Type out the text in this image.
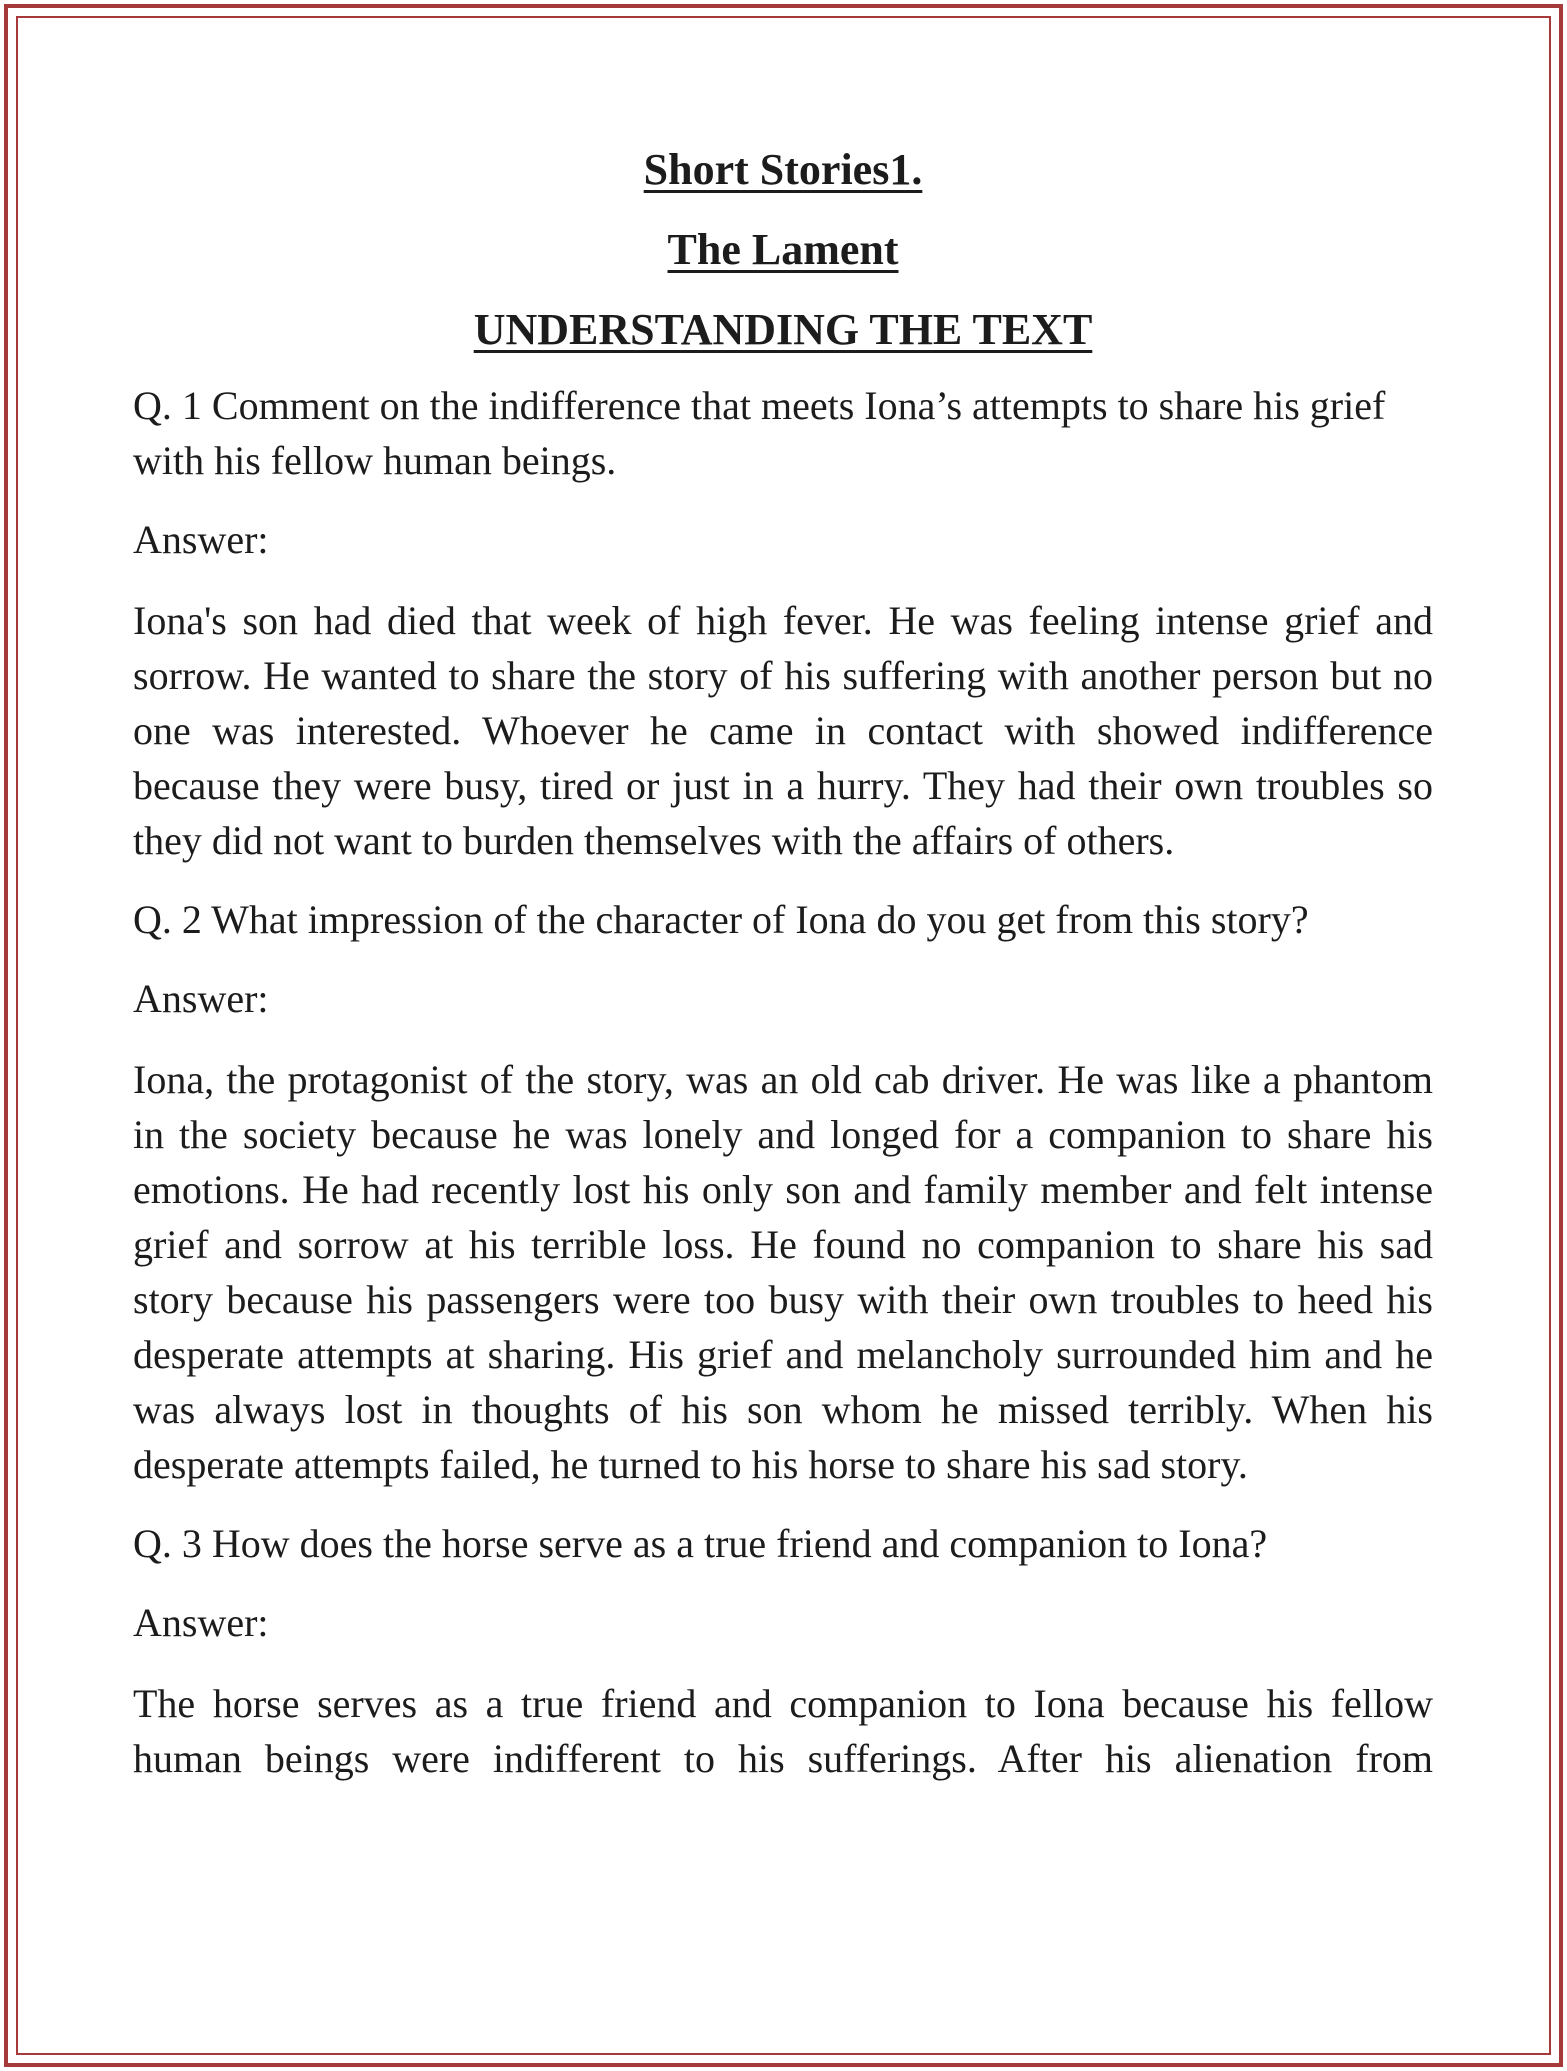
Short Stories1.
The Lament
UNDERSTANDING THE TEXT

Q. 1 Comment on the indifference that meets Iona’s attempts to share his grief with his fellow human beings.

Answer:

Iona's son had died that week of high fever. He was feeling intense grief and sorrow. He wanted to share the story of his suffering with another person but no one was interested. Whoever he came in contact with showed indifference because they were busy, tired or just in a hurry. They had their own troubles so they did not want to burden themselves with the affairs of others.

Q. 2 What impression of the character of Iona do you get from this story?

Answer:

Iona, the protagonist of the story, was an old cab driver. He was like a phantom in the society because he was lonely and longed for a companion to share his emotions. He had recently lost his only son and family member and felt intense grief and sorrow at his terrible loss. He found no companion to share his sad story because his passengers were too busy with their own troubles to heed his desperate attempts at sharing. His grief and melancholy surrounded him and he was always lost in thoughts of his son whom he missed terribly. When his desperate attempts failed, he turned to his horse to share his sad story.

Q. 3 How does the horse serve as a true friend and companion to Iona?

Answer:

The horse serves as a true friend and companion to Iona because his fellow human beings were indifferent to his sufferings. After his alienation from
